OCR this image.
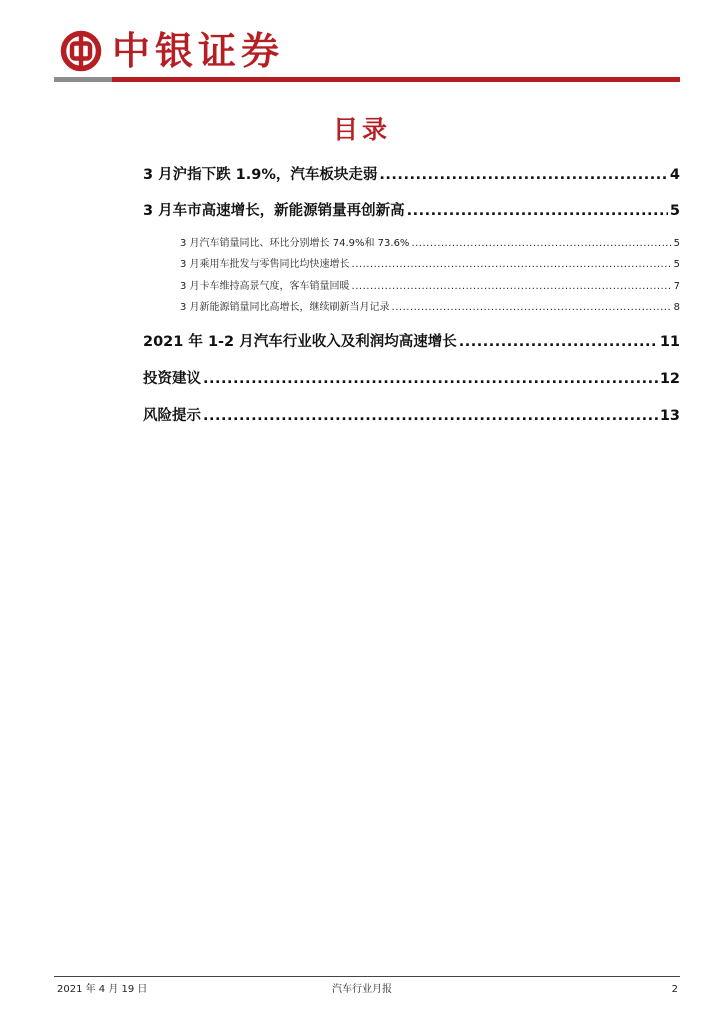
中银证券
目录
3 月沪指下跌 1.9%，汽车板块走弱 .....	4
3 月车市高速增长，新能源销量再创新高 .....	5
3 月汽车销量同比、环比分别增长 74.9%和 73.6% .....	5
3 月乘用车批发与零售同比均快速增长 .....	5
3 月卡车维持高景气度，客车销量回暖 .....	7
3 月新能源销量同比高增长，继续刷新当月记录 .....	8
2021 年 1-2 月汽车行业收入及利润均高速增长 .....	11
投资建议 .....	12
风险提示 .....	13
2021 年 4 月 19 日	汽车行业月报	2
